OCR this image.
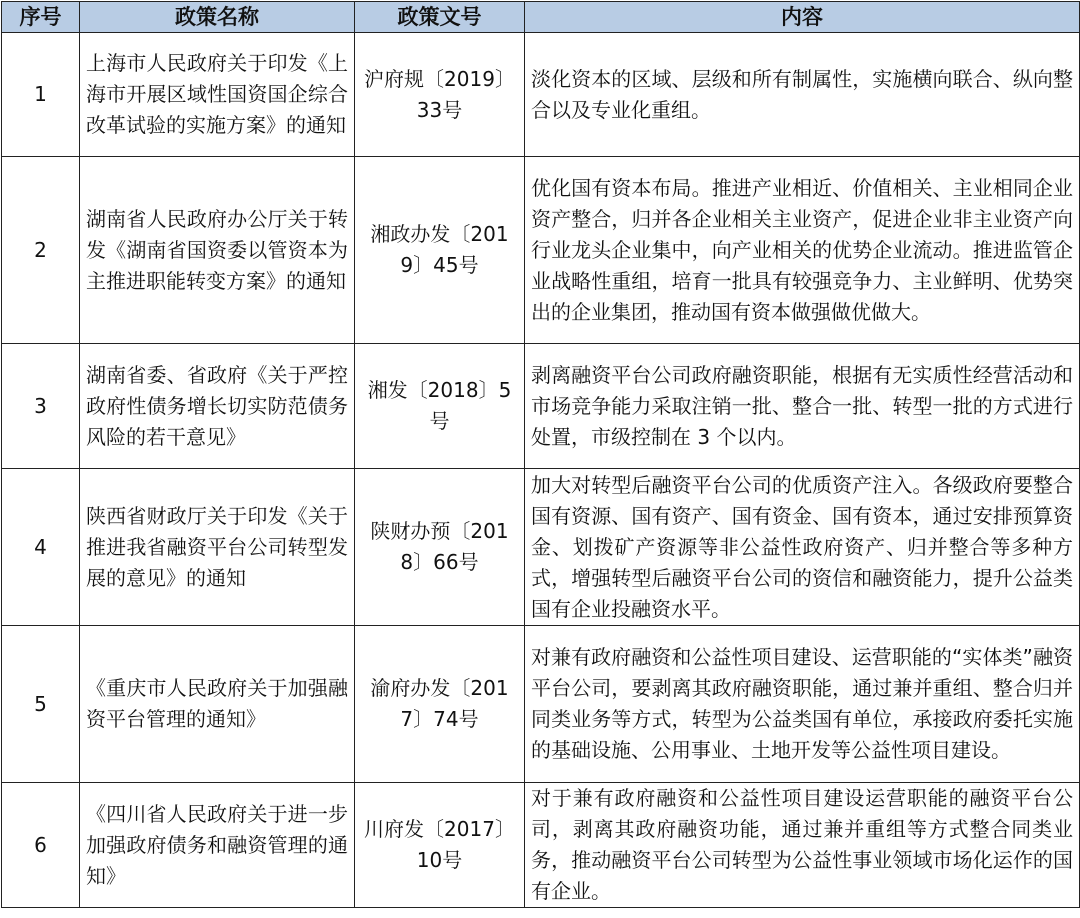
序号	政策名称	政策文号	内容
1	上海市人民政府关于印发《上海市开展区域性国资国企综合改革试验的实施方案》的通知	沪府规〔2019〕33号	淡化资本的区域、层级和所有制属性，实施横向联合、纵向整合以及专业化重组。
2	湖南省人民政府办公厅关于转发《湖南省国资委以管资本为主推进职能转变方案》的通知	湘政办发〔2019〕45号	优化国有资本布局。推进产业相近、价值相关、主业相同企业资产整合，归并各企业相关主业资产，促进企业非主业资产向行业龙头企业集中，向产业相关的优势企业流动。推进监管企业战略性重组，培育一批具有较强竞争力、主业鲜明、优势突出的企业集团，推动国有资本做强做优做大。
3	湖南省委、省政府《关于严控政府性债务增长切实防范债务风险的若干意见》	湘发〔2018〕5号	剥离融资平台公司政府融资职能，根据有无实质性经营活动和市场竞争能力采取注销一批、整合一批、转型一批的方式进行处置，市级控制在 3 个以内。
4	陕西省财政厅关于印发《关于推进我省融资平台公司转型发展的意见》的通知	陕财办预〔2018〕66号	加大对转型后融资平台公司的优质资产注入。各级政府要整合国有资源、国有资产、国有资金、国有资本，通过安排预算资金、划拨矿产资源等非公益性政府资产、归并整合等多种方式，增强转型后融资平台公司的资信和融资能力，提升公益类国有企业投融资水平。
5	《重庆市人民政府关于加强融资平台管理的通知》	渝府办发〔2017〕74号	对兼有政府融资和公益性项目建设、运营职能的“实体类”融资平台公司，要剥离其政府融资职能，通过兼并重组、整合归并同类业务等方式，转型为公益类国有单位，承接政府委托实施的基础设施、公用事业、土地开发等公益性项目建设。
6	《四川省人民政府关于进一步加强政府债务和融资管理的通知》	川府发〔2017〕10号	对于兼有政府融资和公益性项目建设运营职能的融资平台公司，剥离其政府融资功能，通过兼并重组等方式整合同类业务，推动融资平台公司转型为公益性事业领域市场化运作的国有企业。
